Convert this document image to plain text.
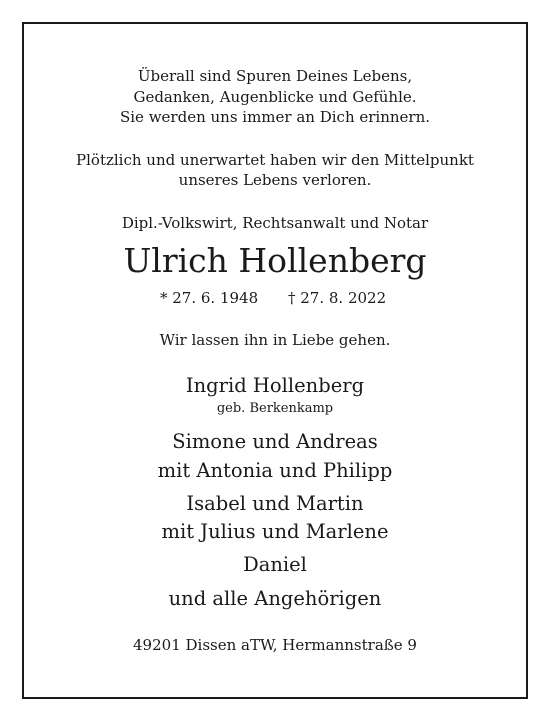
Überall sind Spuren Deines Lebens,
Gedanken, Augenblicke und Gefühle.
Sie werden uns immer an Dich erinnern.
Plötzlich und unerwartet haben wir den Mittelpunkt
unseres Lebens verloren.
Dipl.-Volkswirt, Rechtsanwalt und Notar
Ulrich Hollenberg
* 27. 6. 1948 † 27. 8. 2022
Wir lassen ihn in Liebe gehen.
Ingrid Hollenberg
geb. Berkenkamp
Simone und Andreas
mit Antonia und Philipp
Isabel und Martin
mit Julius und Marlene
Daniel
und alle Angehörigen
49201 Dissen aTW, Hermannstraße 9
